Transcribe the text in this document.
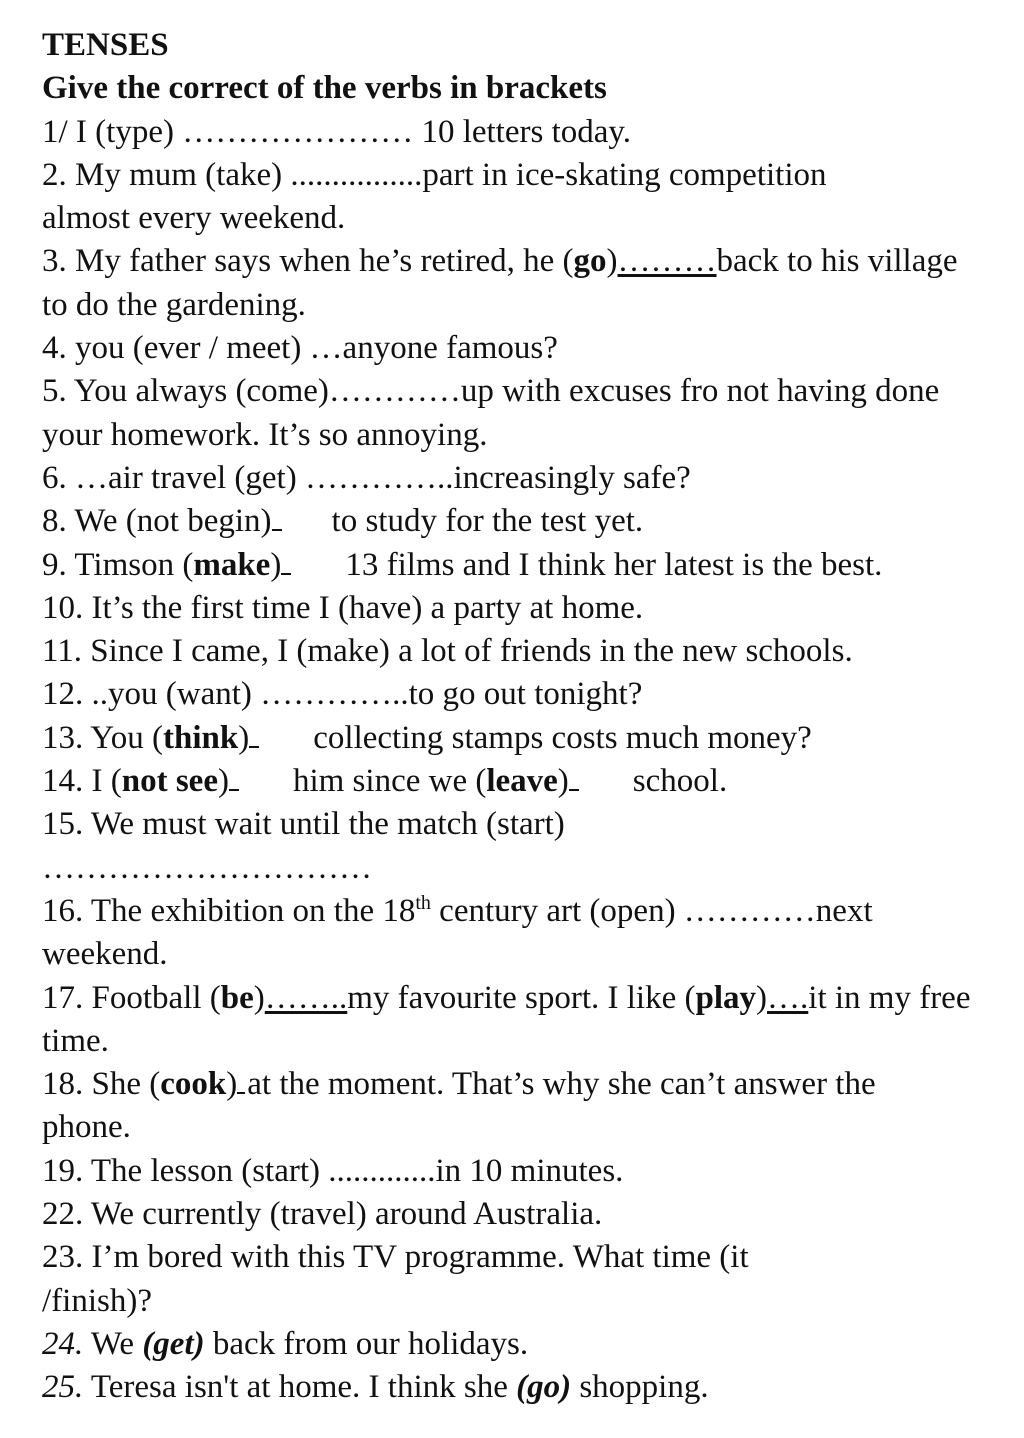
TENSES

Give the correct of the verbs in brackets

1/ I (type) ………………… 10 letters today.

2. My mum (take) ................part in ice-skating competition almost every weekend.

3. My father says when he’s retired, he (go)………back to his village to do the gardening.

4. you (ever / meet) …anyone famous?

5. You always (come)…………up with excuses fro not having done your homework. It’s so annoying.

6. …air travel (get) …………..increasingly safe?

8. We (not begin) to study for the test yet.

9. Timson (make) 13 films and I think her latest is the best.

10. It’s the first time I (have) a party at home.

11. Since I came, I (make) a lot of friends in the new schools.

12. ..you (want) …………..to go out tonight?

13. You (think) collecting stamps costs much money?

14. I (not see) him since we (leave) school.

15. We must wait until the match (start)

…………………………

16. The exhibition on the 18th century art (open) …………next weekend.

17. Football (be)……..my favourite sport. I like (play)….it in my free time.

18. She (cook) at the moment. That’s why she can’t answer the phone.

19. The lesson (start) .............in 10 minutes.

22. We currently (travel) around Australia.

23. I’m bored with this TV programme. What time (it /finish)?

24. We (get) back from our holidays.

25. Teresa isn't at home. I think she (go) shopping.
